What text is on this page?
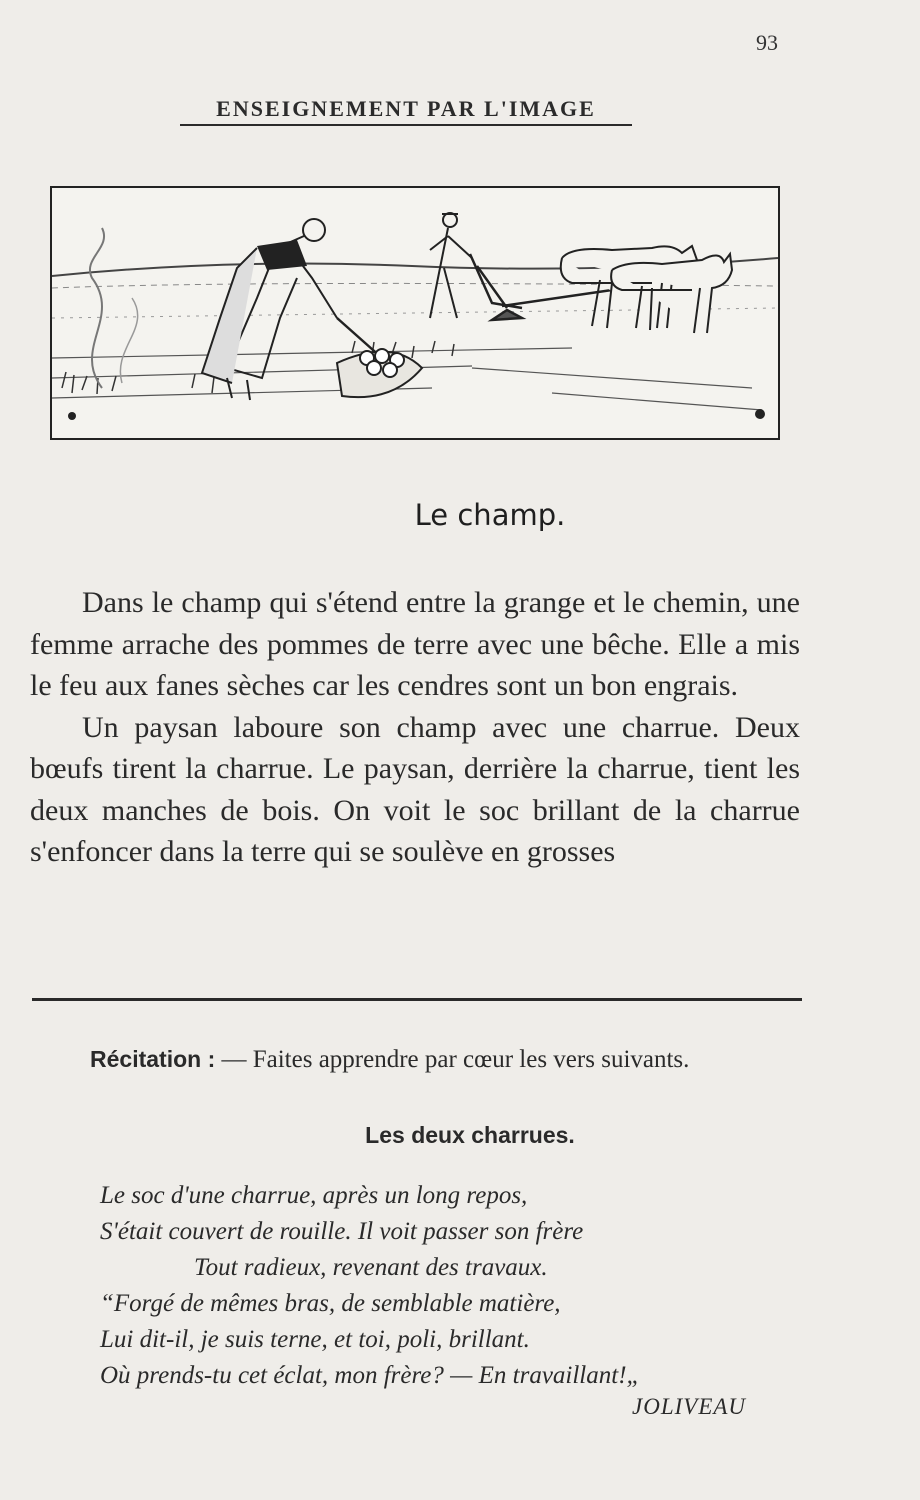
93
ENSEIGNEMENT PAR L'IMAGE
Le champ.

Dans le champ qui s'étend entre la grange et le chemin, une femme arrache des pommes de terre avec une bêche. Elle a mis le feu aux fanes sèches car les cendres sont un bon engrais.

Un paysan laboure son champ avec une charrue. Deux bœufs tirent la charrue. Le paysan, derrière la charrue, tient les deux manches de bois. On voit le soc brillant de la charrue s'enfoncer dans la terre qui se soulève en grosses

Récitation : — Faites apprendre par cœur les vers suivants.
Les deux charrues.
Le soc d'une charrue, après un long repos,
S'était couvert de rouille. Il voit passer son frère
Tout radieux, revenant des travaux.
“Forgé de mêmes bras, de semblable matière,
Lui dit-il, je suis terne, et toi, poli, brillant.
Où prends-tu cet éclat, mon frère? — En travaillant!„
JOLIVEAU
